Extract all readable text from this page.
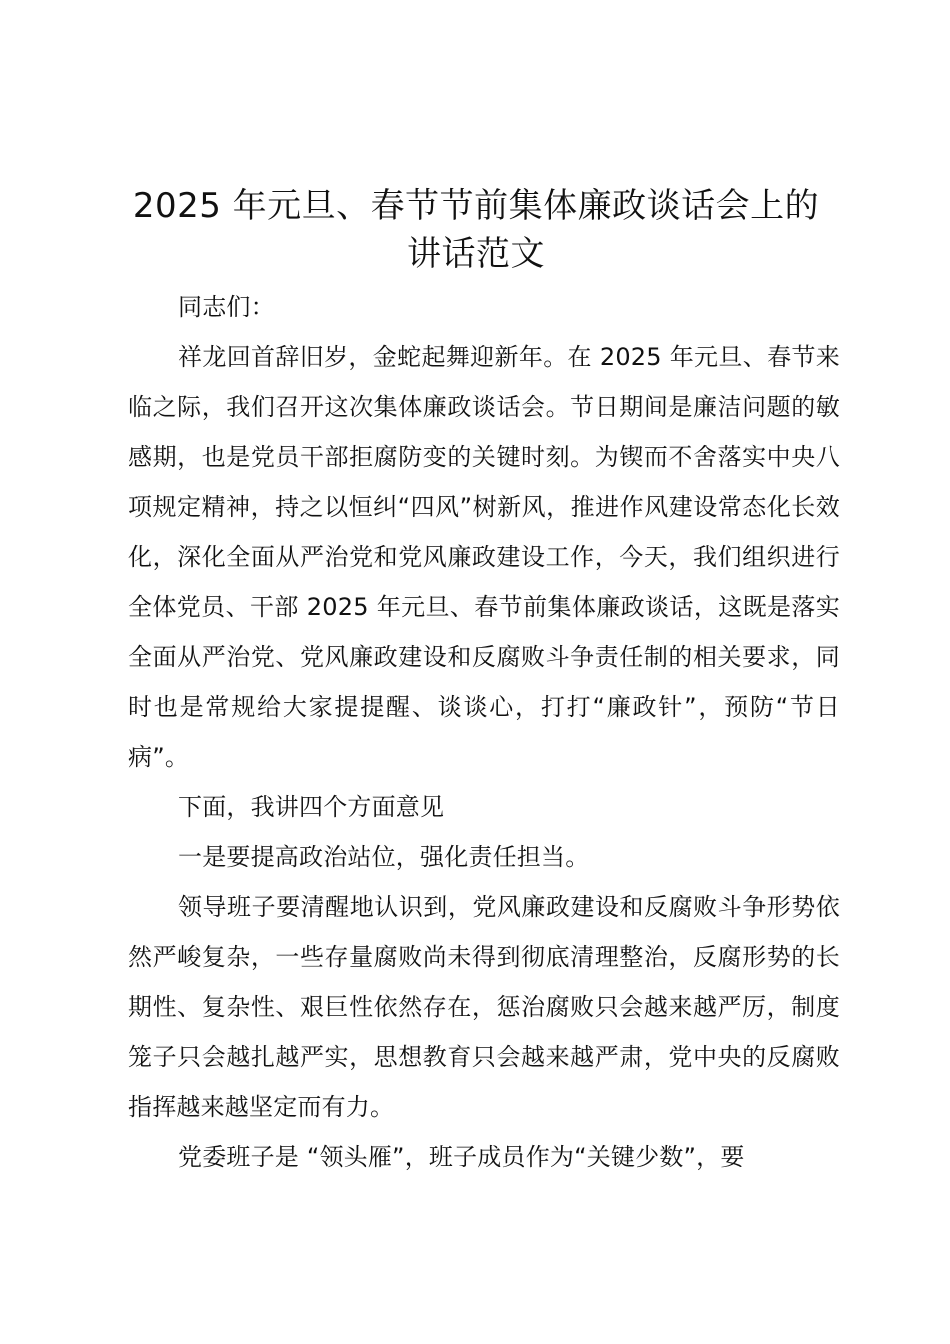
2025 年元旦、春节节前集体廉政谈话会上的
讲话范文

同志们：

祥龙回首辞旧岁，金蛇起舞迎新年。在 2025 年元旦、春节来临之际，我们召开这次集体廉政谈话会。节日期间是廉洁问题的敏感期，也是党员干部拒腐防变的关键时刻。为锲而不舍落实中央八项规定精神，持之以恒纠“四风”树新风，推进作风建设常态化长效化，深化全面从严治党和党风廉政建设工作，今天，我们组织进行全体党员、干部 2025 年元旦、春节前集体廉政谈话，这既是落实全面从严治党、党风廉政建设和反腐败斗争责任制的相关要求，同时也是常规给大家提提醒、谈谈心，打打“廉政针”，预防“节日病”。

下面，我讲四个方面意见

一是要提高政治站位，强化责任担当。

领导班子要清醒地认识到，党风廉政建设和反腐败斗争形势依然严峻复杂，一些存量腐败尚未得到彻底清理整治，反腐形势的长期性、复杂性、艰巨性依然存在，惩治腐败只会越来越严厉，制度笼子只会越扎越严实，思想教育只会越来越严肃，党中央的反腐败指挥越来越坚定而有力。

党委班子是 “领头雁”，班子成员作为“关键少数”，要
